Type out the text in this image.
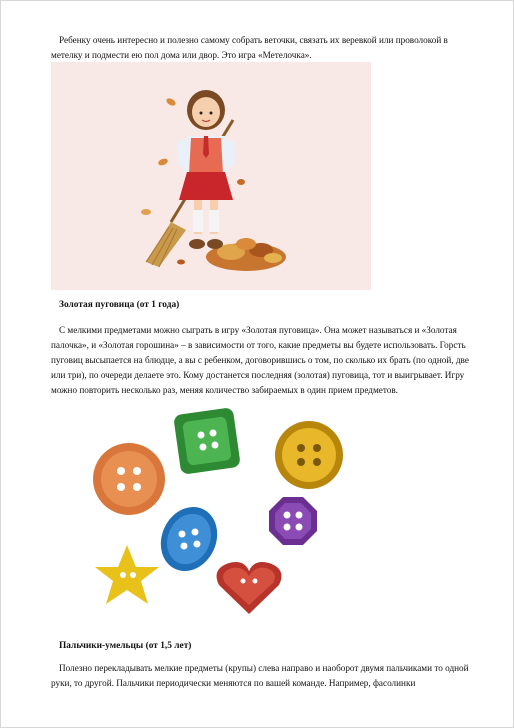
Ребенку очень интересно и полезно самому собрать веточки, связать их веревкой или проволокой в метелку и подмести ею пол дома или двор. Это игра «Метелочка».

Золотая пуговица (от 1 года)

С мелкими предметами можно сыграть в игру «Золотая пуговица». Она может называться и «Золотая палочка», и «Золотая горошина» – в зависимости от того, какие предметы вы будете использовать. Горсть пуговиц высыпается на блюдце, а вы с ребенком, договорившись о том, по сколько их брать (по одной, две или три), по очереди делаете это. Кому достанется последняя (золотая) пуговица, тот и выигрывает. Игру можно повторить несколько раз, меняя количество забираемых в один прием предметов.

Пальчики-умельцы (от 1,5 лет)

Полезно перекладывать мелкие предметы (крупы) слева направо и наоборот двумя пальчиками то одной руки, то другой. Пальчики периодически меняются по вашей команде. Например, фасолинки
